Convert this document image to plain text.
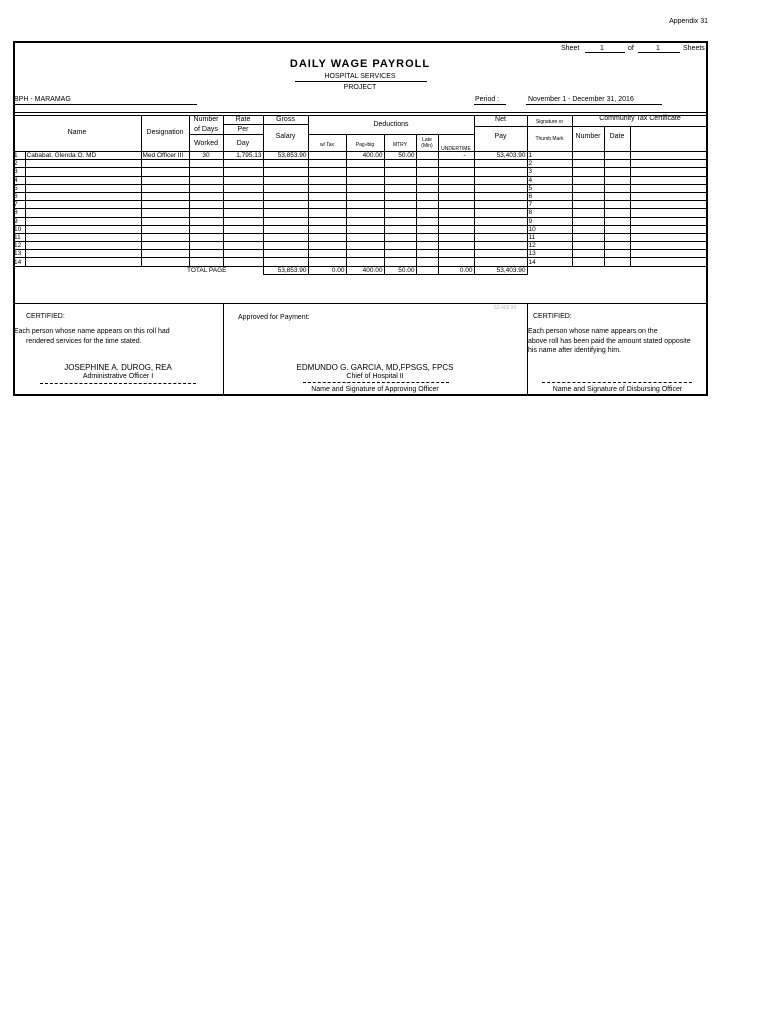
Appendix 31
Sheet	1	of	1	Sheets
DAILY WAGE PAYROLL
HOSPITAL SERVICES
PROJECT
BPH - MARAMAG	Period :	November 1 - December 31, 2016
Name	Designation
Number
of Days
Worked
Rate
Per
Day
Gross
Salary
Deductions
w/ Tax	Pag-ibig	MTRY
Late
(Min)	UNDERTIME
Net
Pay
Signature or
Thumb Mark
Community Tax Certificate
Number	Date
1	Cababat, Glenda O. MD	Med Officer III	30	1,795.13	53,853.90		400.00	50.00		-	53,403.90	1			
2												2			
3												3			
4												4			
5												5			
6												6			
7												7			
8												8			
9												9			
10												10			
11												11			
12												12			
13												13			
14												14			
TOTAL PAGE					53,853.90	0.00	400.00	50.00		0.00	53,403.90				
53,403.90
CERTIFIED:
Each person whose name appears on this roll had
rendered services for the time stated.
JOSEPHINE A. DUROG, REA
Administrative Officer I
Approved for Payment:
EDMUNDO G. GARCIA, MD,FPSGS, FPCS
Chief of Hospital II
Name and Signature of Approving Officer
CERTIFIED:
Each person whose name appears on the
above roll has been paid the amount stated opposite
his name after identifying him.
Name and Signature of Disbursing Officer
